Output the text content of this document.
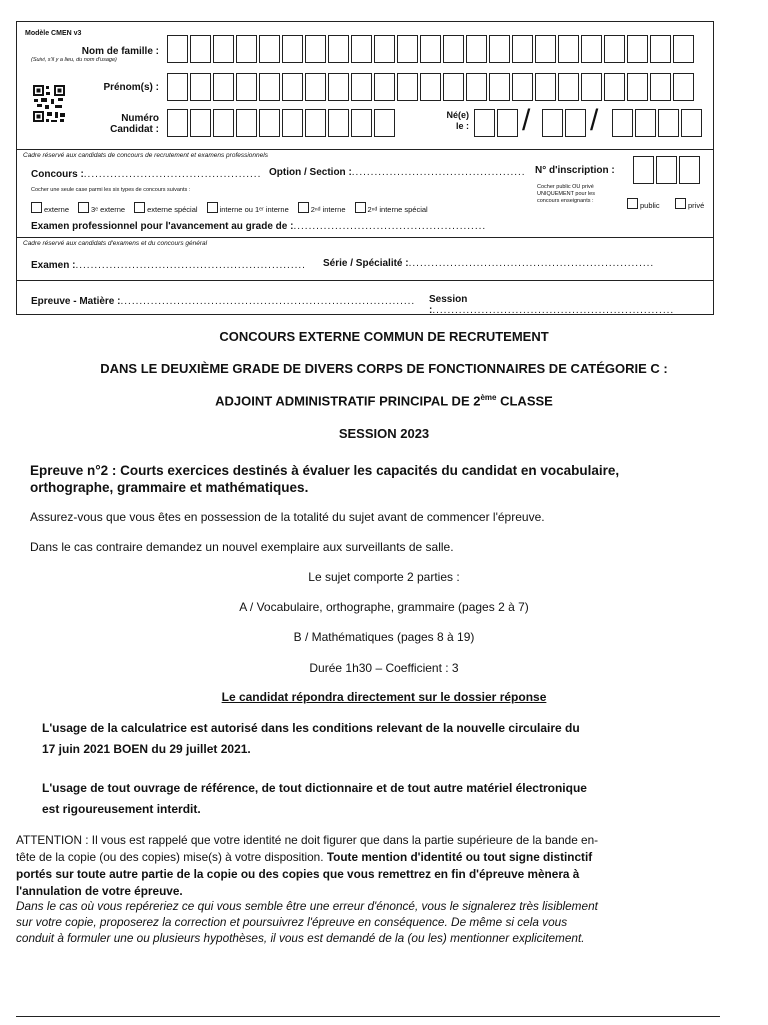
Modèle CMEN v3
Nom de famille :
(Suivi, s'il y a lieu, du nom d'usage)
Prénom(s) :
Numéro
Candidat :
Né(e)
le : / /
Cadre réservé aux candidats de concours de recrutement et examens professionnels
Concours :............................................... Option / Section :.............................................. N° d'inscription :
Cocher une seule case parmi les six types de concours suivants :
externe	3ᵉ externe	externe spécial	interne ou 1ᵉʳ interne	2ⁿᵈ interne	2ⁿᵈ interne spécial
Cocher public OU privé
UNIQUEMENT pour les
concours enseignants :	public	privé
Examen professionnel pour l'avancement au grade de :...................................................
Cadre réservé aux candidats d'examens et du concours général
Examen :............................................................. Série / Spécialité :.................................................................
Epreuve - Matière :.............................................................................. Session :................................................................
CONCOURS EXTERNE COMMUN DE RECRUTEMENT
DANS LE DEUXIÈME GRADE DE DIVERS CORPS DE FONCTIONNAIRES DE CATÉGORIE C :
ADJOINT ADMINISTRATIF PRINCIPAL DE 2ème CLASSE
SESSION 2023
Epreuve n°2 : Courts exercices destinés à évaluer les capacités du candidat en vocabulaire,
orthographe, grammaire et mathématiques.
Assurez-vous que vous êtes en possession de la totalité du sujet avant de commencer l'épreuve.
Dans le cas contraire demandez un nouvel exemplaire aux surveillants de salle.
Le sujet comporte 2 parties :
A / Vocabulaire, orthographe, grammaire (pages 2 à 7)
B / Mathématiques (pages 8 à 19)
Durée 1h30 – Coefficient : 3
Le candidat répondra directement sur le dossier réponse
L'usage de la calculatrice est autorisé dans les conditions relevant de la nouvelle circulaire du
17 juin 2021 BOEN du 29 juillet 2021.
L'usage de tout ouvrage de référence, de tout dictionnaire et de tout autre matériel électronique
est rigoureusement interdit.
ATTENTION : Il vous est rappelé que votre identité ne doit figurer que dans la partie supérieure de la bande en-
tête de la copie (ou des copies) mise(s) à votre disposition. Toute mention d'identité ou tout signe distinctif
portés sur toute autre partie de la copie ou des copies que vous remettrez en fin d'épreuve mènera à
l'annulation de votre épreuve.
Dans le cas où vous repéreriez ce qui vous semble être une erreur d'énoncé, vous le signalerez très lisiblement
sur votre copie, proposerez la correction et poursuivrez l'épreuve en conséquence. De même si cela vous
conduit à formuler une ou plusieurs hypothèses, il vous est demandé de la (ou les) mentionner explicitement.
